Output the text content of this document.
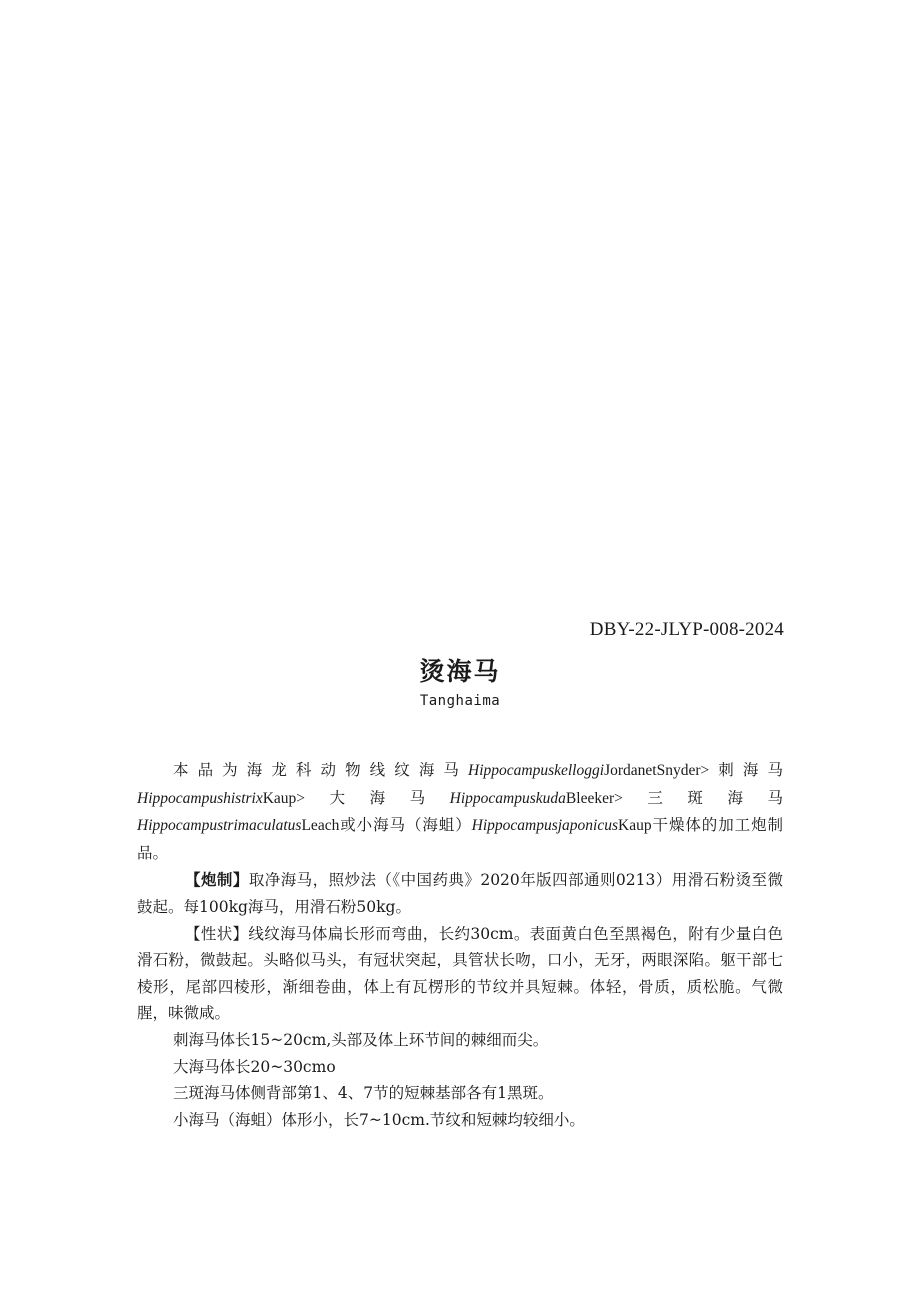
DBY-22-JLYP-008-2024
烫海马
Tanghaima

本品为海龙科动物线纹海马HippocampuskelloggiJordanetSnyder>刺海马HippocampushistrixKaup>大海马HippocampuskudaBleeker>三斑海马HippocampustrimaculatusLeach或小海马（海蛆）HippocampusjaponicusKaup干燥体的加工炮制品。

【炮制】取净海马，照炒法（《中国药典》2020年版四部通则0213）用滑石粉烫至微鼓起。每100kg海马，用滑石粉50kg。

【性状】线纹海马体扁长形而弯曲，长约30cm。表面黄白色至黑褐色，附有少量白色滑石粉，微鼓起。头略似马头，有冠状突起，具管状长吻，口小，无牙，两眼深陷。躯干部七棱形，尾部四棱形，渐细卷曲，体上有瓦楞形的节纹并具短棘。体轻，骨质，质松脆。气微腥，味微咸。

刺海马体长15~20cm,头部及体上环节间的棘细而尖。

大海马体长20~30cmo

三斑海马体侧背部第1、4、7节的短棘基部各有1黑斑。

小海马（海蛆）体形小，长7~10cm.节纹和短棘均较细小。
